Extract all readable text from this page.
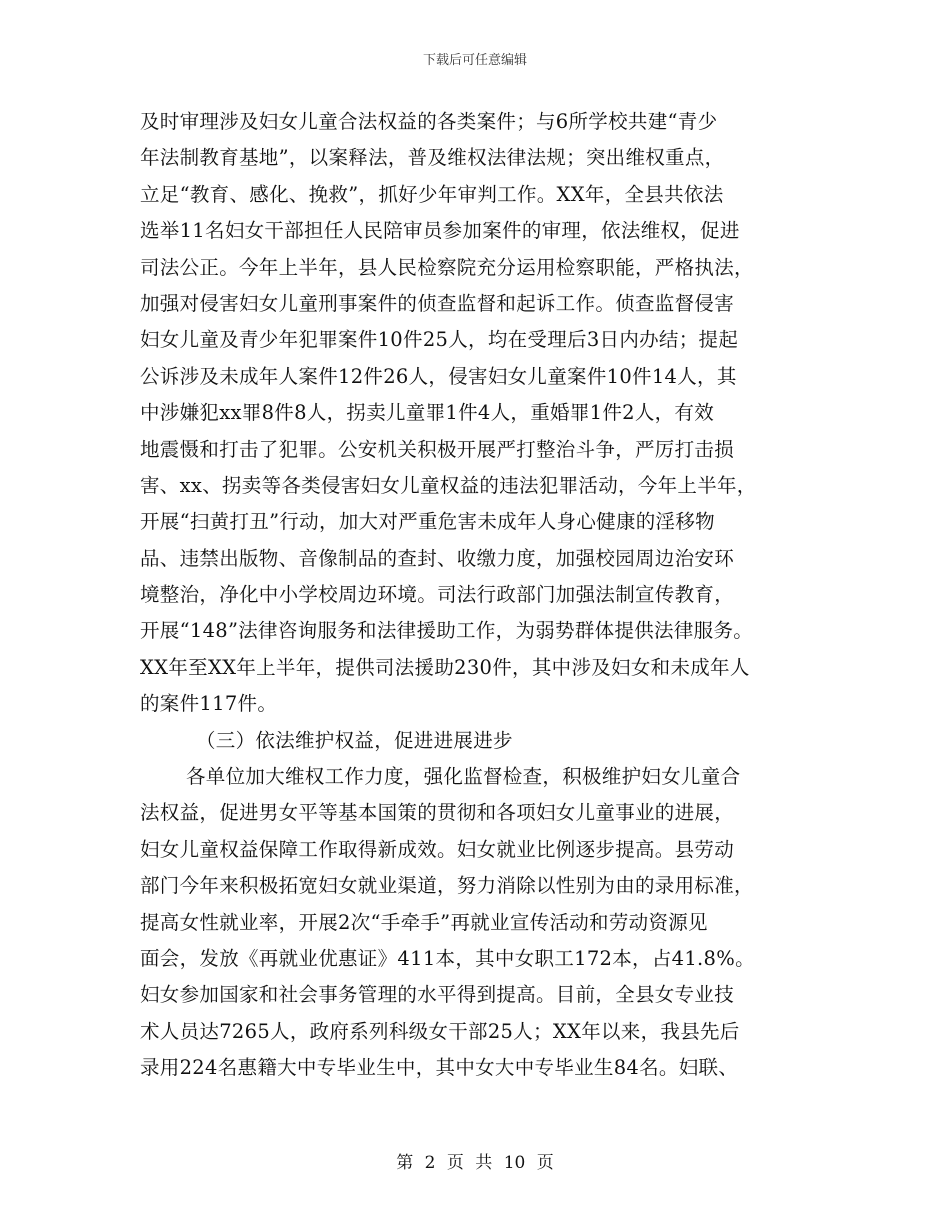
下载后可任意编辑
及时审理涉及妇女儿童合法权益的各类案件；与6所学校共建“青少
年法制教育基地”，以案释法，普及维权法律法规；突出维权重点，
立足“教育、感化、挽救”，抓好少年审判工作。XX年，全县共依法
选举11名妇女干部担任人民陪审员参加案件的审理，依法维权，促进
司法公正。今年上半年，县人民检察院充分运用检察职能，严格执法，
加强对侵害妇女儿童刑事案件的侦查监督和起诉工作。侦查监督侵害
妇女儿童及青少年犯罪案件10件25人，均在受理后3日内办结；提起
公诉涉及未成年人案件12件26人，侵害妇女儿童案件10件14人，其
中涉嫌犯xx罪8件8人，拐卖儿童罪1件4人，重婚罪1件2人，有效
地震慑和打击了犯罪。公安机关积极开展严打整治斗争，严厉打击损
害、xx、拐卖等各类侵害妇女儿童权益的违法犯罪活动，今年上半年，
开展“扫黄打丑”行动，加大对严重危害未成年人身心健康的淫移物
品、违禁出版物、音像制品的查封、收缴力度，加强校园周边治安环
境整治，净化中小学校周边环境。司法行政部门加强法制宣传教育，
开展“148”法律咨询服务和法律援助工作，为弱势群体提供法律服务。
XX年至XX年上半年，提供司法援助230件，其中涉及妇女和未成年人
的案件117件。
（三）依法维护权益，促进进展进步
各单位加大维权工作力度，强化监督检查，积极维护妇女儿童合
法权益，促进男女平等基本国策的贯彻和各项妇女儿童事业的进展，
妇女儿童权益保障工作取得新成效。妇女就业比例逐步提高。县劳动
部门今年来积极拓宽妇女就业渠道，努力消除以性别为由的录用标准，
提高女性就业率，开展2次“手牵手”再就业宣传活动和劳动资源见
面会，发放《再就业优惠证》411本，其中女职工172本，占41.8%。
妇女参加国家和社会事务管理的水平得到提高。目前，全县女专业技
术人员达7265人，政府系列科级女干部25人；XX年以来，我县先后
录用224名惠籍大中专毕业生中，其中女大中专毕业生84名。妇联、
第 2 页 共 10 页
